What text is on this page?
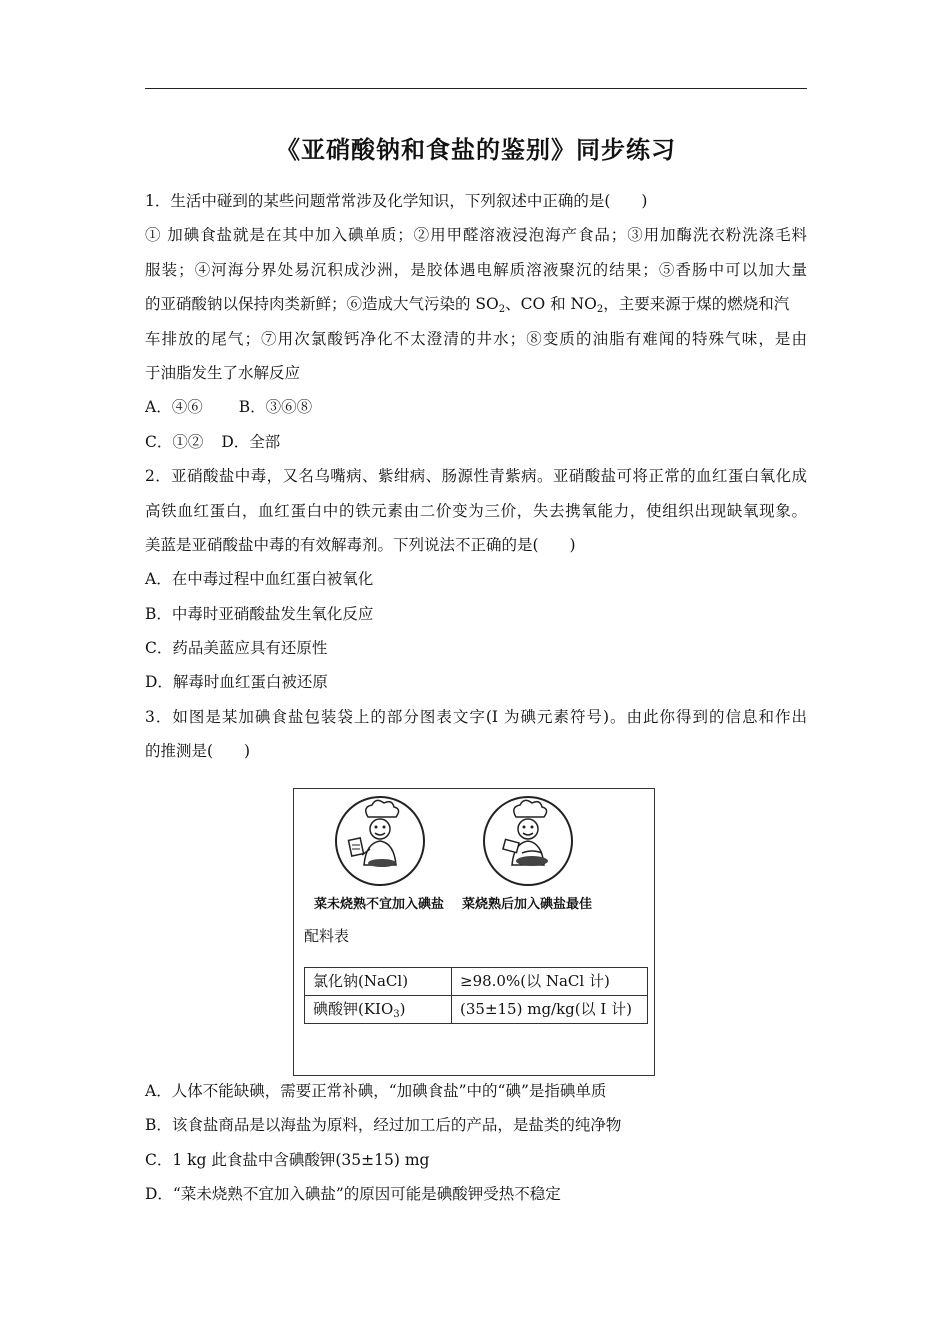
《亚硝酸钠和食盐的鉴别》同步练习
1．生活中碰到的某些问题常常涉及化学知识，下列叙述中正确的是(　　)
① 加碘食盐就是在其中加入碘单质；②用甲醛溶液浸泡海产食品；③用加酶洗衣粉洗涤毛料
服装；④河海分界处易沉积成沙洲，是胶体遇电解质溶液聚沉的结果；⑤香肠中可以加大量
的亚硝酸钠以保持肉类新鲜；⑥造成大气污染的 $SO_2$、CO 和 $NO_2$，主要来源于煤的燃烧和汽
车排放的尾气；⑦用次氯酸钙净化不太澄清的井水；⑧变质的油脂有难闻的特殊气味，是由
于油脂发生了水解反应
A．④⑥ B．③⑥⑧
C．①② D．全部
2．亚硝酸盐中毒，又名乌嘴病、紫绀病、肠源性青紫病。亚硝酸盐可将正常的血红蛋白氧化成
高铁血红蛋白，血红蛋白中的铁元素由二价变为三价，失去携氧能力，使组织出现缺氧现象。
美蓝是亚硝酸盐中毒的有效解毒剂。下列说法不正确的是(　　)
A．在中毒过程中血红蛋白被氧化
B．中毒时亚硝酸盐发生氧化反应
C．药品美蓝应具有还原性
D．解毒时血红蛋白被还原
3．如图是某加碘食盐包装袋上的部分图表文字(I 为碘元素符号)。由此你得到的信息和作出
的推测是(　　)
菜未烧熟不宜加入碘盐 菜烧熟后加入碘盐最佳
配料表
氯化钠(NaCl)	≥98.0%(以 NaCl 计)
碘酸钾$(KIO_3)$	(35±15) mg/kg(以 I 计)
A．人体不能缺碘，需要正常补碘，“加碘食盐”中的“碘”是指碘单质
B．该食盐商品是以海盐为原料，经过加工后的产品，是盐类的纯净物
C．1 kg 此食盐中含碘酸钾(35±15) mg
D．“菜未烧熟不宜加入碘盐”的原因可能是碘酸钾受热不稳定
